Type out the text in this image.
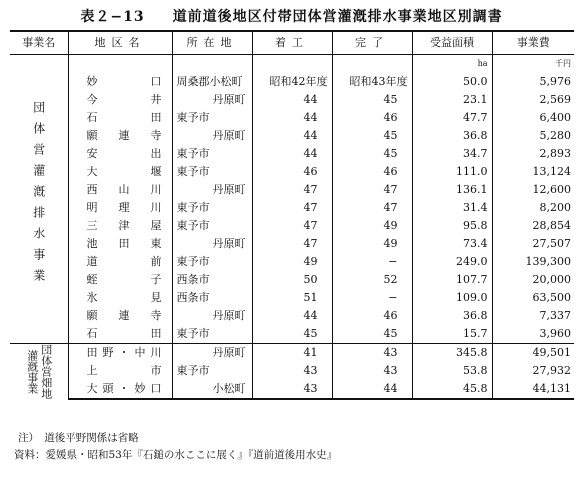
表２−13 道前道後地区付帯団体営灌漑排水事業地区別調書
事業名	地区名	所在地	着工	完了	受益面積	事業費
団体営灌漑排水事業					ha	千円
	妙口	周桑郡小松町	昭和42年度	昭和43年度	50.0	5,976
	今井	丹原町	44	45	23.1	2,569
	石田	東予市	44	46	47.7	6,400
	願連寺	丹原町	44	45	36.8	5,280
	安出	東予市	44	45	34.7	2,893
	大堰	東予市	46	46	111.0	13,124
	西山川	丹原町	47	47	136.1	12,600
	明理川	東予市	47	47	31.4	8,200
	三津屋	東予市	47	49	95.8	28,854
	池田東	丹原町	47	49	73.4	27,507
	道前	東予市	49	−	249.0	139,300
	蛭子	西条市	50	52	107.7	20,000
	氷見	西条市	51	−	109.0	63,500
	願連寺	丹原町	44	46	36.8	7,337
	石田	東予市	45	45	15.7	3,960

団体営畑地
灌漑事業	田野・中川	丹原町	41	43	345.8	49,501
	上市	東予市	43	43	53.8	27,932
	大頭・妙口	小松町	43	44	45.8	44,131
注）　道後平野関係は省略
資料：愛媛県・昭和53年『石鎚の水ここに展く』『道前道後用水史』
